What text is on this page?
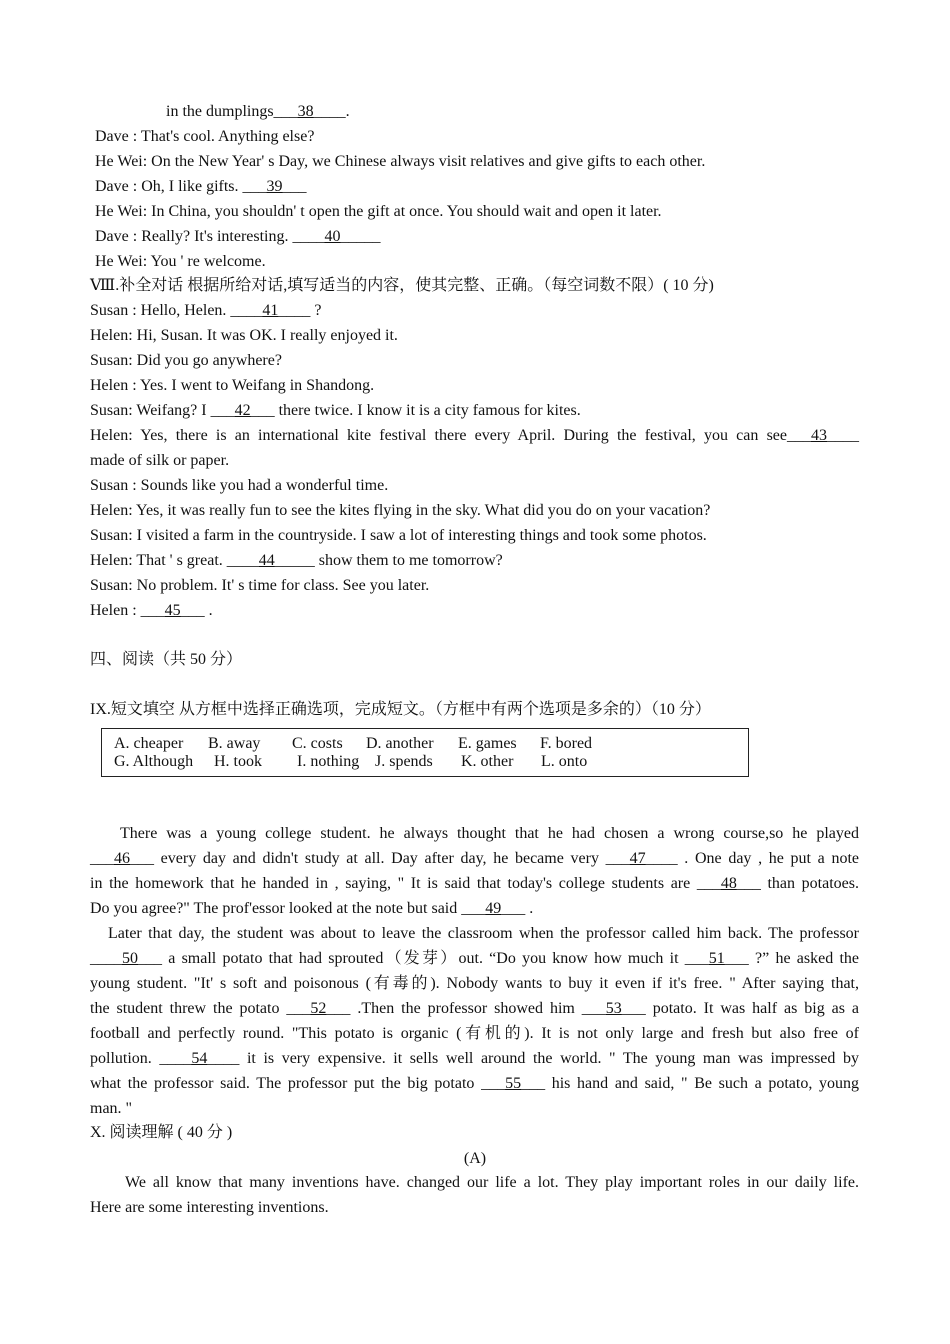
in the dumplings___38____.
Dave : That's cool. Anything else?
He Wei: On the New Year' s Day, we Chinese always visit relatives and give gifts to each other.
Dave : Oh, I like gifts. ___39___
He Wei: In China, you shouldn' t open the gift at once. You should wait and open it later.
Dave : Really? It's interesting. ____40_____
He Wei: You ' re welcome.
Ⅷ.补全对话 根据所给对话,填写适当的内容，使其完整、正确。（每空词数不限）( 10 分)
Susan : Hello, Helen. ____41____ ?
Helen: Hi, Susan. It was OK. I really enjoyed it.
Susan: Did you go anywhere?
Helen : Yes. I went to Weifang in Shandong.
Susan: Weifang? I ___42___ there twice. I know it is a city famous for kites.
Helen: Yes, there is an international kite festival there every April. During the festival, you can see___43____
made of silk or paper.
Susan : Sounds like you had a wonderful time.
Helen: Yes, it was really fun to see the kites flying in the sky. What did you do on your vacation?
Susan: I visited a farm in the countryside. I saw a lot of interesting things and took some photos.
Helen: That ' s great. ____44_____ show them to me tomorrow?
Susan: No problem. It' s time for class. See you later.
Helen : ___45___ .
四、阅读（共 50 分）
IX.短文填空 从方框中选择正确选项，完成短文。（方框中有两个选项是多余的）（10 分）
A. cheaper B. away C. costs D. another E. games F. bored
G. Although H. took I. nothing J. spends K. other L. onto
There was a young college student. he always thought that he had chosen a wrong course,so he played
___46___ every day and didn't study at all. Day after day, he became very ___47____ . One day , he put a note
in the homework that he handed in , saying, " It is said that today's college students are ___48___ than potatoes.
Do you agree?" The prof'essor looked at the note but said ___49___ .
Later that day, the student was about to leave the classroom when the professor called him back. The professor
____50___ a small potato that had sprouted（发芽）out. “Do you know how much it ___51___ ?” he asked the
young student. "It' s soft and poisonous (有毒的). Nobody wants to buy it even if it's free. " After saying that,
the student threw the potato ___52___ .Then the professor showed him ___53___ potato. It was half as big as a
football and perfectly round. "This potato is organic (有机的). It is not only large and fresh but also free of
pollution. ____54____ it is very expensive. it sells well around the world. " The young man was impressed by
what the professor said. The professor put the big potato ___55___ his hand and said, " Be such a potato, young
man. "
X. 阅读理解 ( 40 分 )
(A)
We all know that many inventions have. changed our life a lot. They play important roles in our daily life.
Here are some interesting inventions.
